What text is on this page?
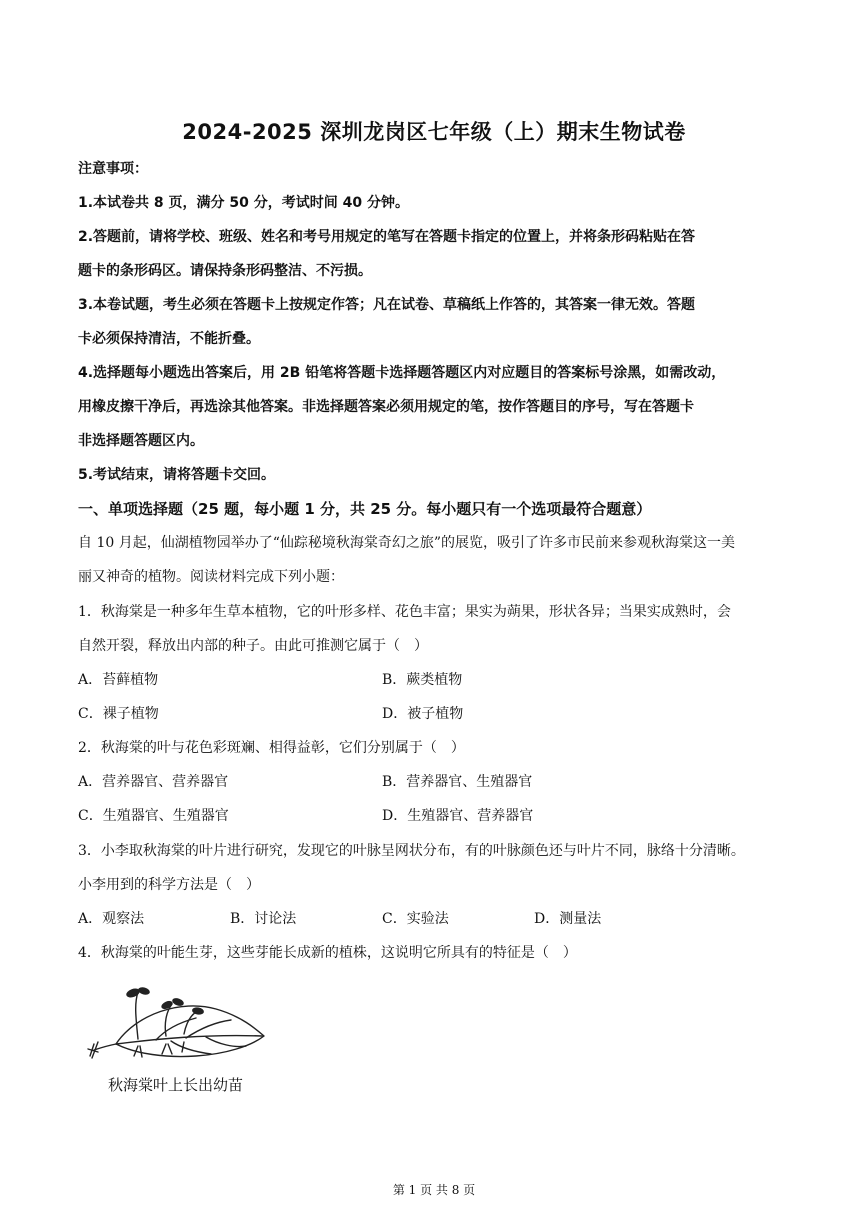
2024-2025 深圳龙岗区七年级（上）期末生物试卷
注意事项：
1.本试卷共 8 页，满分 50 分，考试时间 40 分钟。
2.答题前，请将学校、班级、姓名和考号用规定的笔写在答题卡指定的位置上，并将条形码粘贴在答
题卡的条形码区。请保持条形码整洁、不污损。
3.本卷试题，考生必须在答题卡上按规定作答；凡在试卷、草稿纸上作答的，其答案一律无效。答题
卡必须保持清洁，不能折叠。
4.选择题每小题选出答案后，用 2B 铅笔将答题卡选择题答题区内对应题目的答案标号涂黑，如需改动，
用橡皮擦干净后，再选涂其他答案。非选择题答案必须用规定的笔，按作答题目的序号，写在答题卡
非选择题答题区内。
5.考试结束，请将答题卡交回。
一、单项选择题（25 题，每小题 1 分，共 25 分。每小题只有一个选项最符合题意）
自 10 月起，仙湖植物园举办了“仙踪秘境秋海棠奇幻之旅”的展览，吸引了许多市民前来参观秋海棠这一美
丽又神奇的植物。阅读材料完成下列小题：
1．秋海棠是一种多年生草本植物，它的叶形多样、花色丰富；果实为蒴果，形状各异；当果实成熟时，会
自然开裂，释放出内部的种子。由此可推测它属于（　）
A．苔藓植物	B．蕨类植物
C．裸子植物	D．被子植物
2．秋海棠的叶与花色彩斑斓、相得益彰，它们分别属于（　）
A．营养器官、营养器官	B．营养器官、生殖器官
C．生殖器官、生殖器官	D．生殖器官、营养器官
3．小李取秋海棠的叶片进行研究，发现它的叶脉呈网状分布，有的叶脉颜色还与叶片不同，脉络十分清晰。
小李用到的科学方法是（　）
A．观察法	B．讨论法	C．实验法	D．测量法
4．秋海棠的叶能生芽，这些芽能长成新的植株，这说明它所具有的特征是（　）
秋海棠叶上长出幼苗
第 1 页 共 8 页
